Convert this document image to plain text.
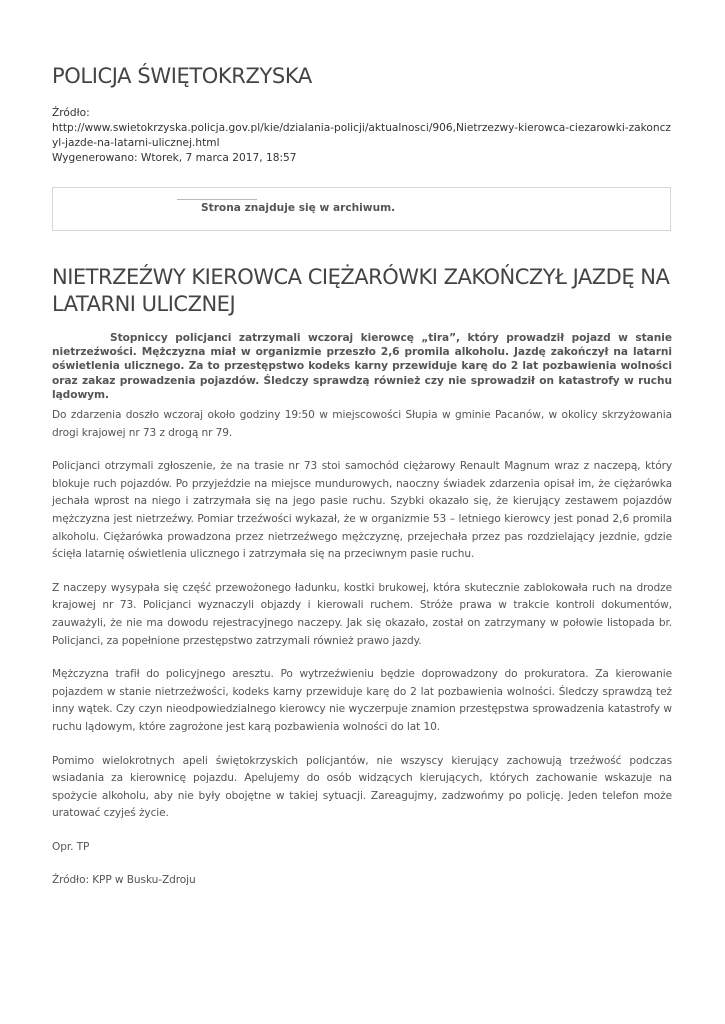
POLICJA ŚWIĘTOKRZYSKA
Źródło:
http://www.swietokrzyska.policja.gov.pl/kie/dzialania-policji/aktualnosci/906,Nietrzezwy-kierowca-ciezarowki-zakonczyl-jazde-na-latarni-ulicznej.html
Wygenerowano: Wtorek, 7 marca 2017, 18:57
Strona znajduje się w archiwum.
NIETRZEŹWY KIEROWCA CIĘŻARÓWKI ZAKOŃCZYŁ JAZDĘ NA LATARNI ULICZNEJ

Stopniccy policjanci zatrzymali wczoraj kierowcę „tira”, który prowadził pojazd w stanie nietrzeźwości. Mężczyzna miał w organizmie przeszło 2,6 promila alkoholu. Jazdę zakończył na latarni oświetlenia ulicznego. Za to przestępstwo kodeks karny przewiduje karę do 2 lat pozbawienia wolności oraz zakaz prowadzenia pojazdów. Śledczy sprawdzą również czy nie sprowadził on katastrofy w ruchu lądowym.

Do zdarzenia doszło wczoraj około godziny 19:50 w miejscowości Słupia w gminie Pacanów, w okolicy skrzyżowania drogi krajowej nr 73 z drogą nr 79.

Policjanci otrzymali zgłoszenie, że na trasie nr 73 stoi samochód ciężarowy Renault Magnum wraz z naczepą, który blokuje ruch pojazdów. Po przyjeździe na miejsce mundurowych, naoczny świadek zdarzenia opisał im, że ciężarówka jechała wprost na niego i zatrzymała się na jego pasie ruchu. Szybki okazało się, że kierujący zestawem pojazdów mężczyzna jest nietrzeźwy. Pomiar trzeźwości wykazał, że w organizmie 53 – letniego kierowcy jest ponad 2,6 promila alkoholu. Ciężarówka prowadzona przez nietrzeźwego mężczyznę, przejechała przez pas rozdzielający jezdnie, gdzie ścięła latarnię oświetlenia ulicznego i zatrzymała się na przeciwnym pasie ruchu.

Z naczepy wysypała się część przewożonego ładunku, kostki brukowej, która skutecznie zablokowała ruch na drodze krajowej nr 73. Policjanci wyznaczyli objazdy i kierowali ruchem. Stróże prawa w trakcie kontroli dokumentów, zauważyli, że nie ma dowodu rejestracyjnego naczepy. Jak się okazało, został on zatrzymany w połowie listopada br. Policjanci, za popełnione przestępstwo zatrzymali również prawo jazdy.

Mężczyzna trafił do policyjnego aresztu. Po wytrzeźwieniu będzie doprowadzony do prokuratora. Za kierowanie pojazdem w stanie nietrzeźwości, kodeks karny przewiduje karę do 2 lat pozbawienia wolności. Śledczy sprawdzą też inny wątek. Czy czyn nieodpowiedzialnego kierowcy nie wyczerpuje znamion przestępstwa sprowadzenia katastrofy w ruchu lądowym, które zagrożone jest karą pozbawienia wolności do lat 10.

Pomimo wielokrotnych apeli świętokrzyskich policjantów, nie wszyscy kierujący zachowują trzeźwość podczas wsiadania za kierownicę pojazdu. Apelujemy do osób widzących kierujących, których zachowanie wskazuje na spożycie alkoholu, aby nie były obojętne w takiej sytuacji. Zareagujmy, zadzwońmy po policję. Jeden telefon może uratować czyjeś życie.

Opr. TP

Źródło: KPP w Busku-Zdroju
